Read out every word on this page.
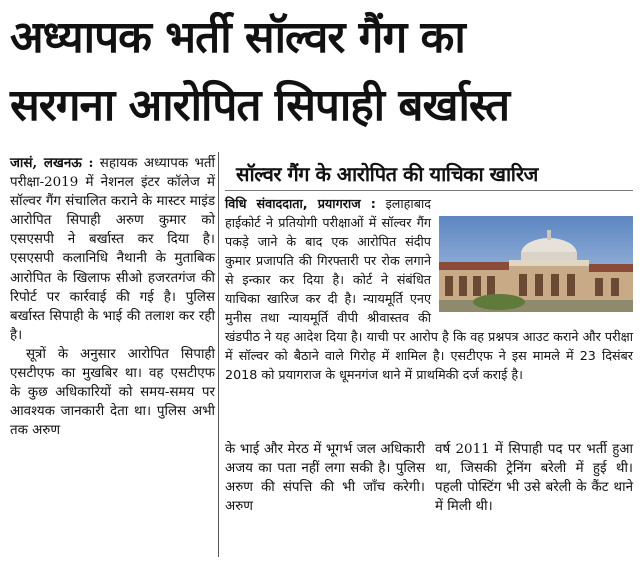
अध्यापक भर्ती सॉल्वर गैंग का
सरगना आरोपित सिपाही बर्खास्त

जासं, लखनऊ : सहायक अध्यापक भर्ती परीक्षा-2019 में नेशनल इंटर कॉलेज में सॉल्वर गैंग संचालित कराने के मास्टर माइंड आरोपित सिपाही अरुण कुमार को एसएसपी ने बर्खास्त कर दिया है। एसएसपी कलानिधि नैथानी के मुताबिक आरोपित के खिलाफ सीओ हजरतगंज की रिपोर्ट पर कार्रवाई की गई है। पुलिस बर्खास्त सिपाही के भाई की तलाश कर रही है।

सूत्रों के अनुसार आरोपित सिपाही एसटीएफ का मुखबिर था। वह एसटीएफ के कुछ अधिकारियों को समय-समय पर आवश्यक जानकारी देता था। पुलिस अभी तक अरुण

सॉल्वर गैंग के आरोपित की याचिका खारिज

विधि संवाददाता, प्रयागराज : इलाहाबाद हाईकोर्ट ने प्रतियोगी परीक्षाओं में सॉल्वर गैंग पकड़े जाने के बाद एक आरोपित संदीप कुमार प्रजापति की गिरफ्तारी पर रोक लगाने से इन्कार कर दिया है। कोर्ट ने संबंधित याचिका खारिज कर दी है। न्यायमूर्ति एनए मुनीस तथा न्यायमूर्ति वीपी श्रीवास्तव की खंडपीठ ने यह आदेश दिया है। याची पर आरोप है कि वह प्रश्नपत्र आउट कराने और परीक्षा में सॉल्वर को बैठाने वाले गिरोह में शामिल है। एसटीएफ ने इस मामले में 23 दिसंबर 2018 को प्रयागराज के धूमनगंज थाने में प्राथमिकी दर्ज कराई है।

के भाई और मेरठ में भूगर्भ जल अधिकारी अजय का पता नहीं लगा सकी है। पुलिस अरुण की संपत्ति की भी जाँच करेगी। अरुण

वर्ष 2011 में सिपाही पद पर भर्ती हुआ था, जिसकी ट्रेनिंग बरेली में हुई थी। पहली पोस्टिंग भी उसे बरेली के कैंट थाने में मिली थी।
